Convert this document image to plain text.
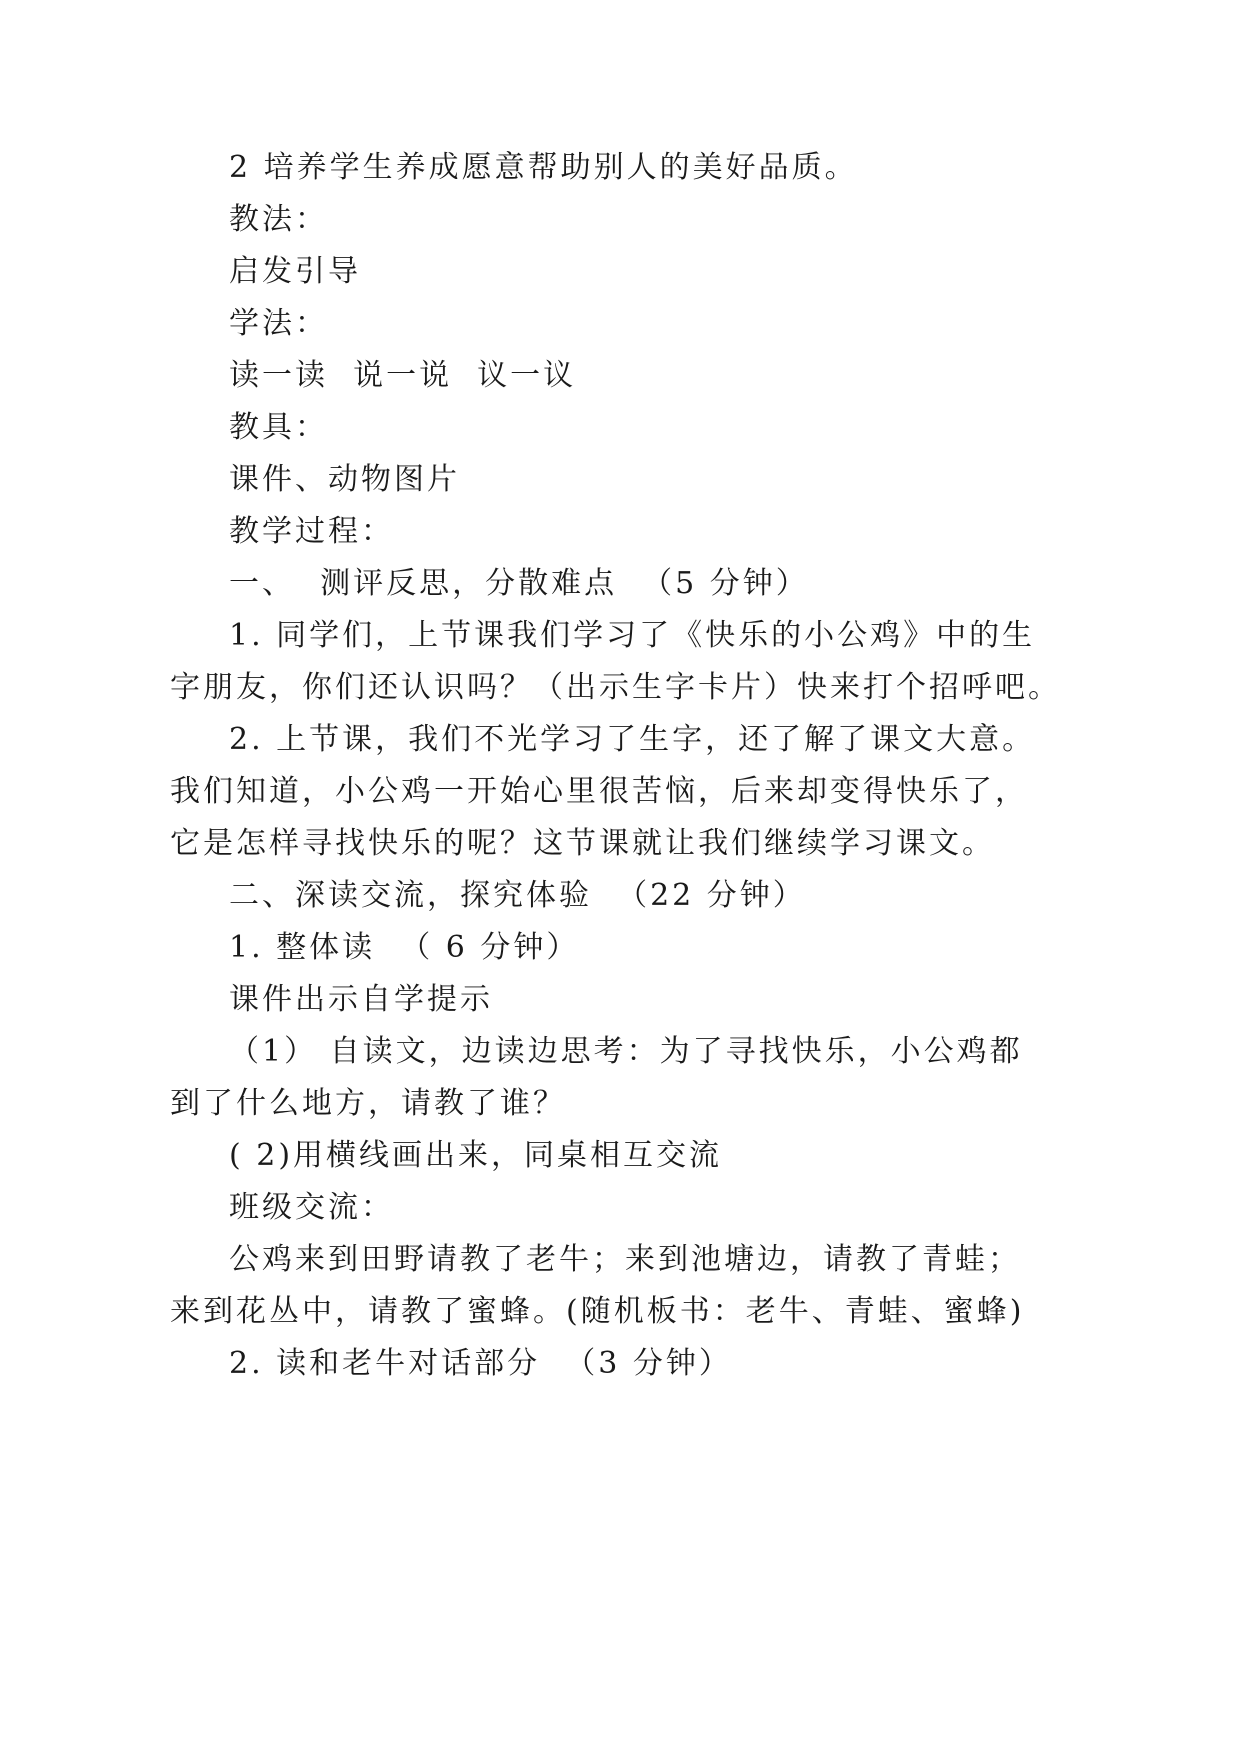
2 培养学生养成愿意帮助别人的美好品质。
教法：
启发引导
学法：
读一读  说一说  议一议
教具：
课件、动物图片
教学过程：
一、  测评反思，分散难点  （5 分钟）
1. 同学们，上节课我们学习了《快乐的小公鸡》中的生
字朋友，你们还认识吗？（出示生字卡片）快来打个招呼吧。
2. 上节课，我们不光学习了生字，还了解了课文大意。
我们知道，小公鸡一开始心里很苦恼，后来却变得快乐了，
它是怎样寻找快乐的呢？这节课就让我们继续学习课文。
二、深读交流，探究体验  （22 分钟）
1. 整体读  （ 6 分钟）
课件出示自学提示
（1） 自读文，边读边思考：为了寻找快乐，小公鸡都
到了什么地方，请教了谁？
( 2)用横线画出来，同桌相互交流
班级交流：
公鸡来到田野请教了老牛；来到池塘边，请教了青蛙；
来到花丛中，请教了蜜蜂。(随机板书：老牛、青蛙、蜜蜂)
2. 读和老牛对话部分  （3 分钟）
